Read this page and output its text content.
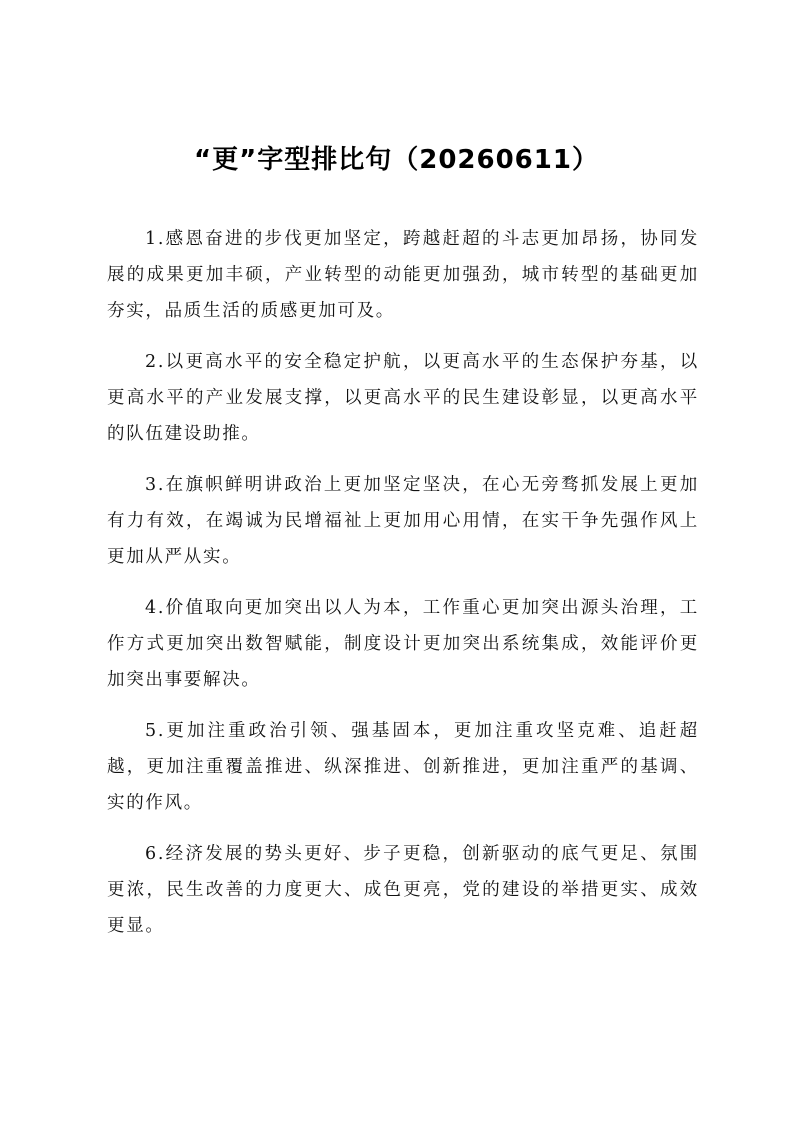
“更”字型排比句（20260611）

1.感恩奋进的步伐更加坚定，跨越赶超的斗志更加昂扬，协同发展的成果更加丰硕，产业转型的动能更加强劲，城市转型的基础更加夯实，品质生活的质感更加可及。

2.以更高水平的安全稳定护航，以更高水平的生态保护夯基，以更高水平的产业发展支撑，以更高水平的民生建设彰显，以更高水平的队伍建设助推。

3.在旗帜鲜明讲政治上更加坚定坚决，在心无旁骛抓发展上更加有力有效，在竭诚为民增福祉上更加用心用情，在实干争先强作风上更加从严从实。

4.价值取向更加突出以人为本，工作重心更加突出源头治理，工作方式更加突出数智赋能，制度设计更加突出系统集成，效能评价更加突出事要解决。

5.更加注重政治引领、强基固本，更加注重攻坚克难、追赶超越，更加注重覆盖推进、纵深推进、创新推进，更加注重严的基调、实的作风。

6.经济发展的势头更好、步子更稳，创新驱动的底气更足、氛围更浓，民生改善的力度更大、成色更亮，党的建设的举措更实、成效更显。
